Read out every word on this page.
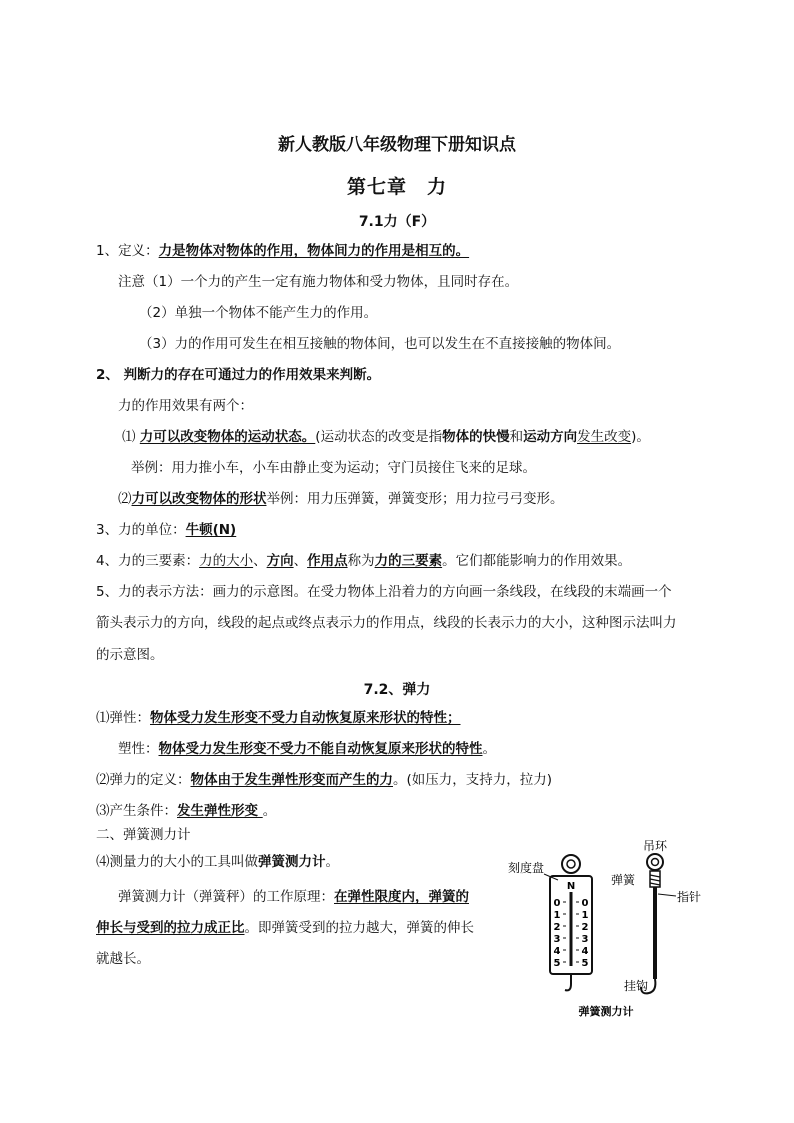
新人教版八年级物理下册知识点
第七章　力
7.1力（F）
1、定义：力是物体对物体的作用，物体间力的作用是相互的。
注意（1）一个力的产生一定有施力物体和受力物体，且同时存在。
（2）单独一个物体不能产生力的作用。
（3）力的作用可发生在相互接触的物体间，也可以发生在不直接接触的物体间。
2、 判断力的存在可通过力的作用效果来判断。
力的作用效果有两个：
⑴ 力可以改变物体的运动状态。(运动状态的改变是指物体的快慢和运动方向发生改变)。
举例：用力推小车，小车由静止变为运动；守门员接住飞来的足球。
⑵力可以改变物体的形状举例：用力压弹簧，弹簧变形；用力拉弓弓变形。
3、力的单位：牛顿(N)
4、力的三要素：力的大小、方向、作用点称为力的三要素。它们都能影响力的作用效果。
5、力的表示方法：画力的示意图。在受力物体上沿着力的方向画一条线段，在线段的末端画一个
箭头表示力的方向，线段的起点或终点表示力的作用点，线段的长表示力的大小，这种图示法叫力
的示意图。
7.2、弹力
⑴弹性：物体受力发生形变不受力自动恢复原来形状的特性；
塑性：物体受力发生形变不受力不能自动恢复原来形状的特性。
⑵弹力的定义：物体由于发生弹性形变而产生的力。(如压力，支持力，拉力)
⑶产生条件：发生弹性形变 。
二、弹簧测力计
⑷测量力的大小的工具叫做弹簧测力计。
弹簧测力计（弹簧秤）的工作原理：在弹性限度内，弹簧的
伸长与受到的拉力成正比。即弹簧受到的拉力越大，弹簧的伸长
就越长。
N
0 0
1 1
2 2
3 3
4 4
5 5
刻度盘
吊环
弹簧
指针
挂钩
弹簧测力计
